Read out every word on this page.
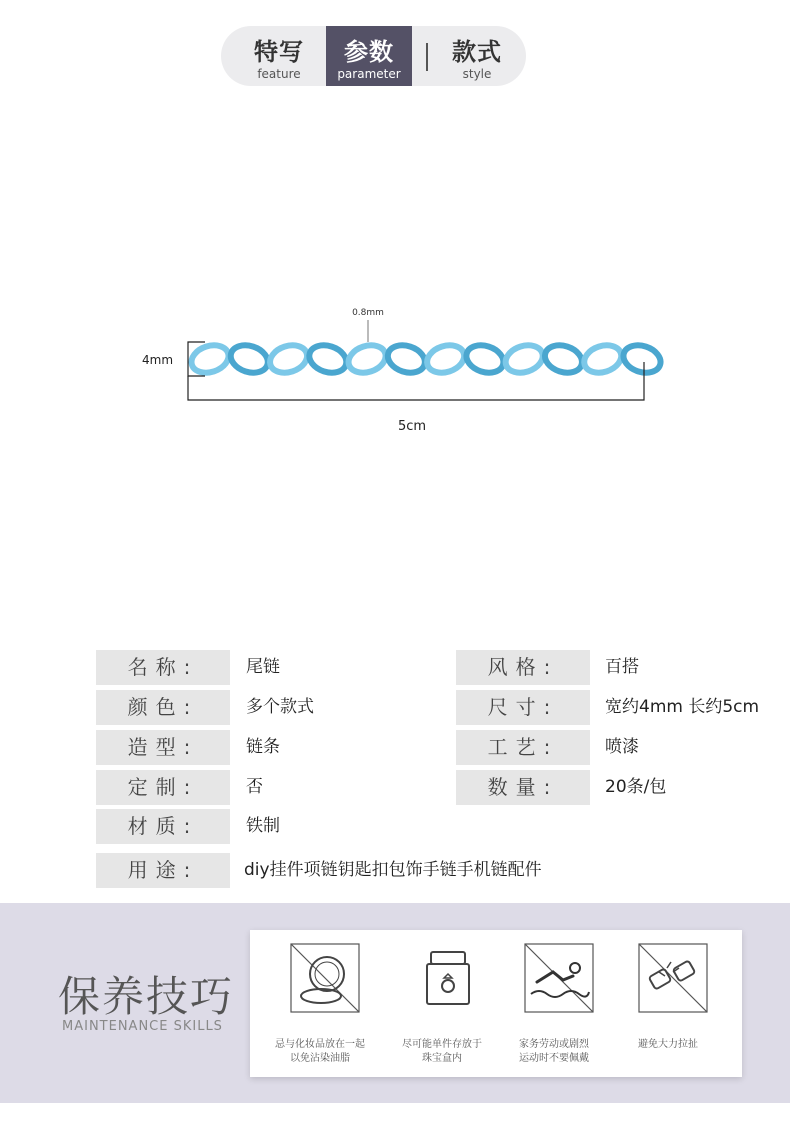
特写
feature
参数
parameter
款式
style
0.8mm
4mm
5cm
名称:	尾链
颜色:	多个款式
造型:	链条
定制:	否
材质:	铁制
用途:	diy挂件项链钥匙扣包饰手链手机链配件
风格:	百搭
尺寸:	宽约4mm 长约5cm
工艺:	喷漆
数量:	20条/包
保养技巧
MAINTENANCE SKILLS
忌与化妆品放在一起
以免沾染油脂
尽可能单件存放于
珠宝盒内
家务劳动或剧烈
运动时不要佩戴
避免大力拉扯
